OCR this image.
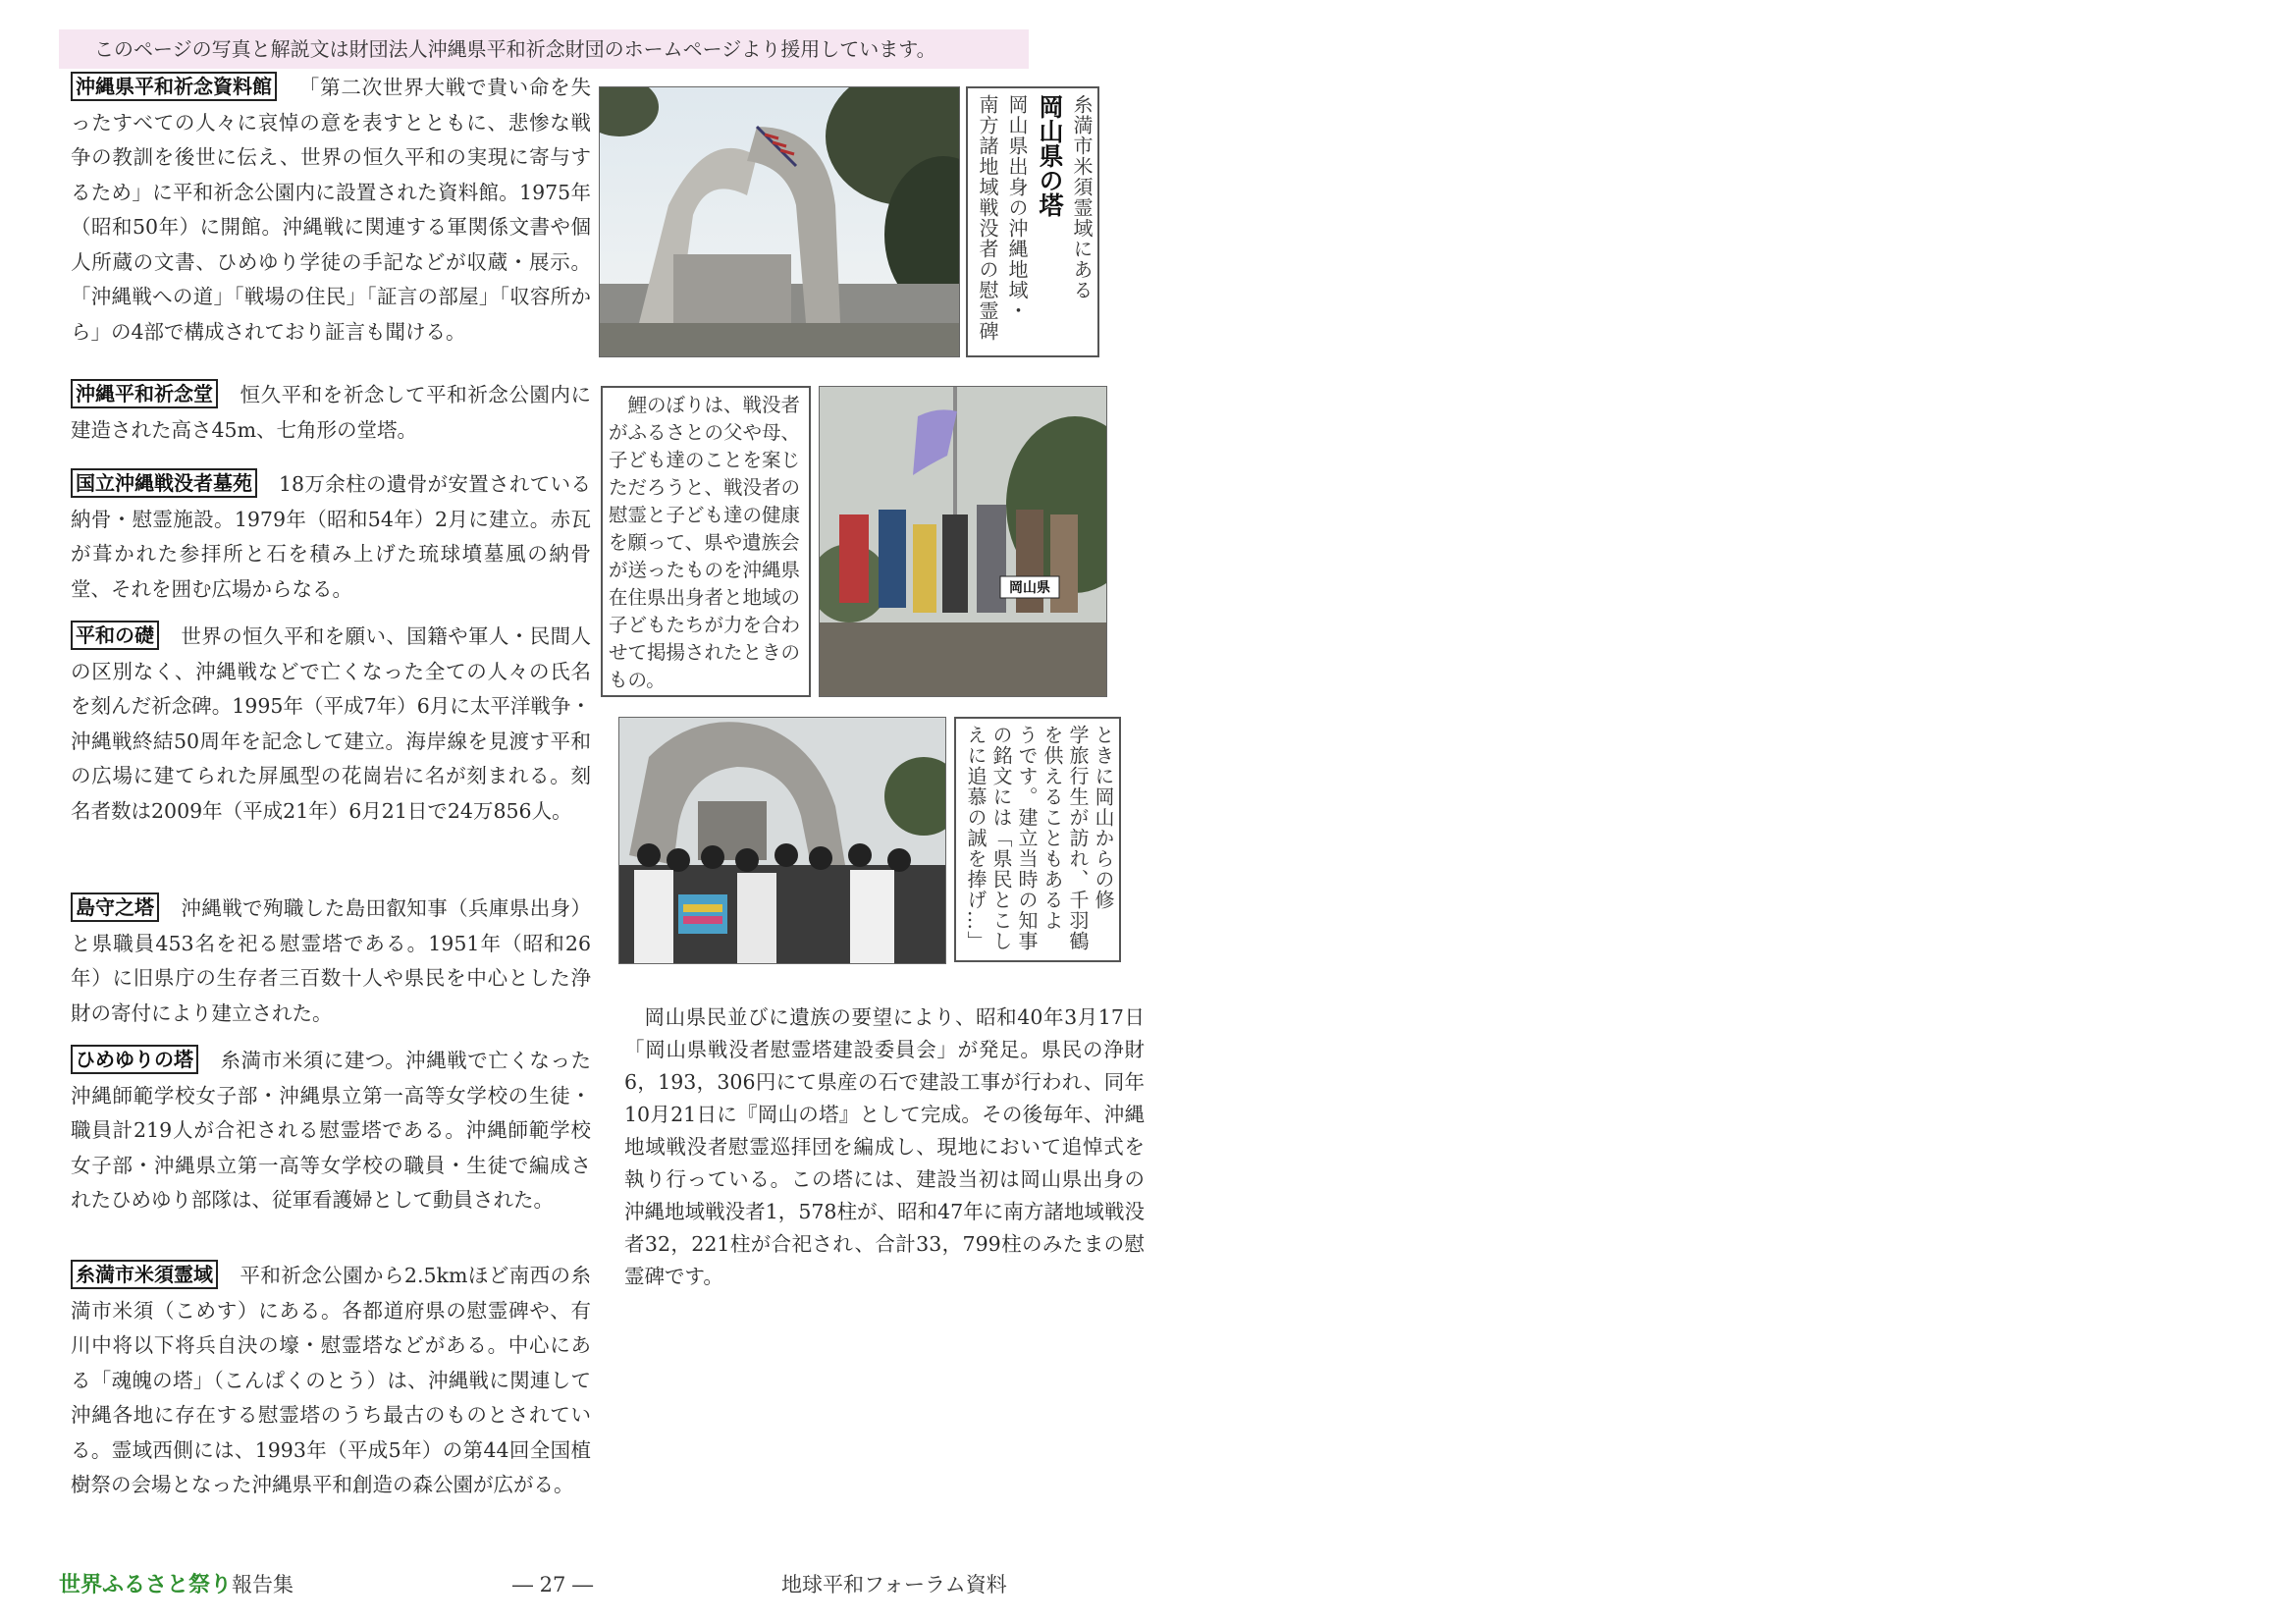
このページの写真と解説文は財団法人沖縄県平和祈念財団のホームページより援用しています。
沖縄県平和祈念資料館 「第二次世界大戦で貴い命を失ったすべての人々に哀悼の意を表すとともに、悲惨な戦争の教訓を後世に伝え、世界の恒久平和の実現に寄与するため」に平和祈念公園内に設置された資料館。1975年（昭和50年）に開館。沖縄戦に関連する軍関係文書や個人所蔵の文書、ひめゆり学徒の手記などが収蔵・展示。「沖縄戦への道」「戦場の住民」「証言の部屋」「収容所から」の4部で構成されており証言も聞ける。
沖縄平和祈念堂 恒久平和を祈念して平和祈念公園内に建造された高さ45m、七角形の堂塔。
国立沖縄戦没者墓苑 18万余柱の遺骨が安置されている納骨・慰霊施設。1979年（昭和54年）2月に建立。赤瓦が葺かれた参拝所と石を積み上げた琉球墳墓風の納骨堂、それを囲む広場からなる。
平和の礎 世界の恒久平和を願い、国籍や軍人・民間人の区別なく、沖縄戦などで亡くなった全ての人々の氏名を刻んだ祈念碑。1995年（平成7年）6月に太平洋戦争・沖縄戦終結50周年を記念して建立。海岸線を見渡す平和の広場に建てられた屏風型の花崗岩に名が刻まれる。刻名者数は2009年（平成21年）6月21日で24万856人。
島守之塔 沖縄戦で殉職した島田叡知事（兵庫県出身）と県職員453名を祀る慰霊塔である。1951年（昭和26年）に旧県庁の生存者三百数十人や県民を中心とした浄財の寄付により建立された。
ひめゆりの塔 糸満市米須に建つ。沖縄戦で亡くなった沖縄師範学校女子部・沖縄県立第一高等女学校の生徒・職員計219人が合祀される慰霊塔である。沖縄師範学校女子部・沖縄県立第一高等女学校の職員・生徒で編成されたひめゆり部隊は、従軍看護婦として動員された。
糸満市米須霊域 平和祈念公園から2.5kmほど南西の糸満市米須（こめす）にある。各都道府県の慰霊碑や、有川中将以下将兵自決の壕・慰霊塔などがある。中心にある「魂魄の塔」（こんぱくのとう）は、沖縄戦に関連して沖縄各地に存在する慰霊塔のうち最古のものとされている。霊域西側には、1993年（平成5年）の第44回全国植樹祭の会場となった沖縄県平和創造の森公園が広がる。
糸満市米須霊域にある
岡山県の塔
岡山県出身の沖縄地域・
南方諸地域戦没者の慰霊碑
鯉のぼりは、戦没者がふるさとの父や母、子ども達のことを案じただろうと、戦没者の慰霊と子ども達の健康を願って、県や遺族会が送ったものを沖縄県在住県出身者と地域の子どもたちが力を合わせて掲揚されたときのもの。
岡山県
ときに岡山からの修
学旅行生が訪れ、千羽鶴
を供えることもあるよ
うです。建立当時の知事
の銘文には「県民とこし
えに追慕の誠を捧げ…」
岡山県民並びに遺族の要望により、昭和40年3月17日「岡山県戦没者慰霊塔建設委員会」が発足。県民の浄財6，193，306円にて県産の石で建設工事が行われ、同年10月21日に『岡山の塔』として完成。その後毎年、沖縄地域戦没者慰霊巡拝団を編成し、現地において追悼式を執り行っている。この塔には、建設当初は岡山県出身の沖縄地域戦没者1，578柱が、昭和47年に南方諸地域戦没者32，221柱が合祀され、合計33，799柱のみたまの慰霊碑です。
世界ふるさと祭り報告集	― 27 ―	地球平和フォーラム資料
